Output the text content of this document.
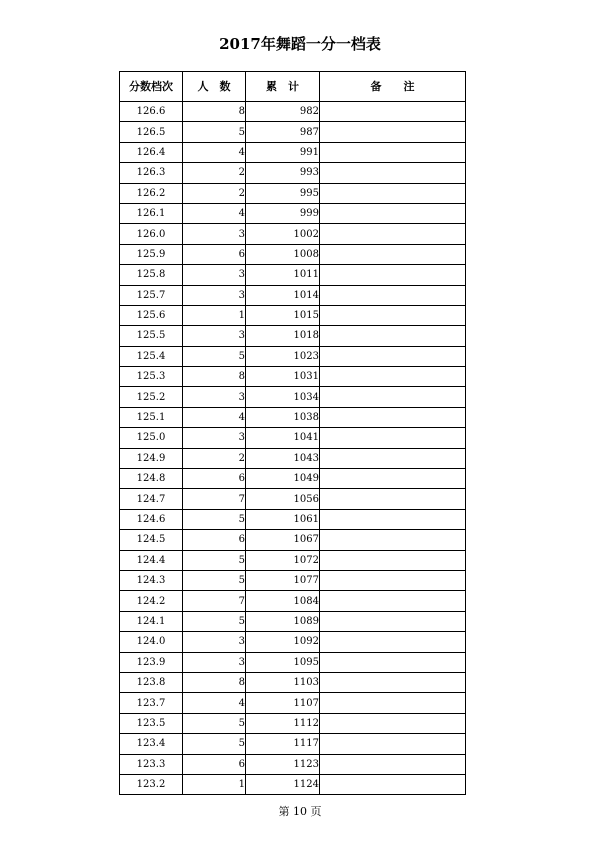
2017年舞蹈一分一档表
分数档次	人　数	累　计	备　　注
126.6	8	982	
126.5	5	987	
126.4	4	991	
126.3	2	993	
126.2	2	995	
126.1	4	999	
126.0	3	1002	
125.9	6	1008	
125.8	3	1011	
125.7	3	1014	
125.6	1	1015	
125.5	3	1018	
125.4	5	1023	
125.3	8	1031	
125.2	3	1034	
125.1	4	1038	
125.0	3	1041	
124.9	2	1043	
124.8	6	1049	
124.7	7	1056	
124.6	5	1061	
124.5	6	1067	
124.4	5	1072	
124.3	5	1077	
124.2	7	1084	
124.1	5	1089	
124.0	3	1092	
123.9	3	1095	
123.8	8	1103	
123.7	4	1107	
123.5	5	1112	
123.4	5	1117	
123.3	6	1123	
123.2	1	1124	
第 10 页
